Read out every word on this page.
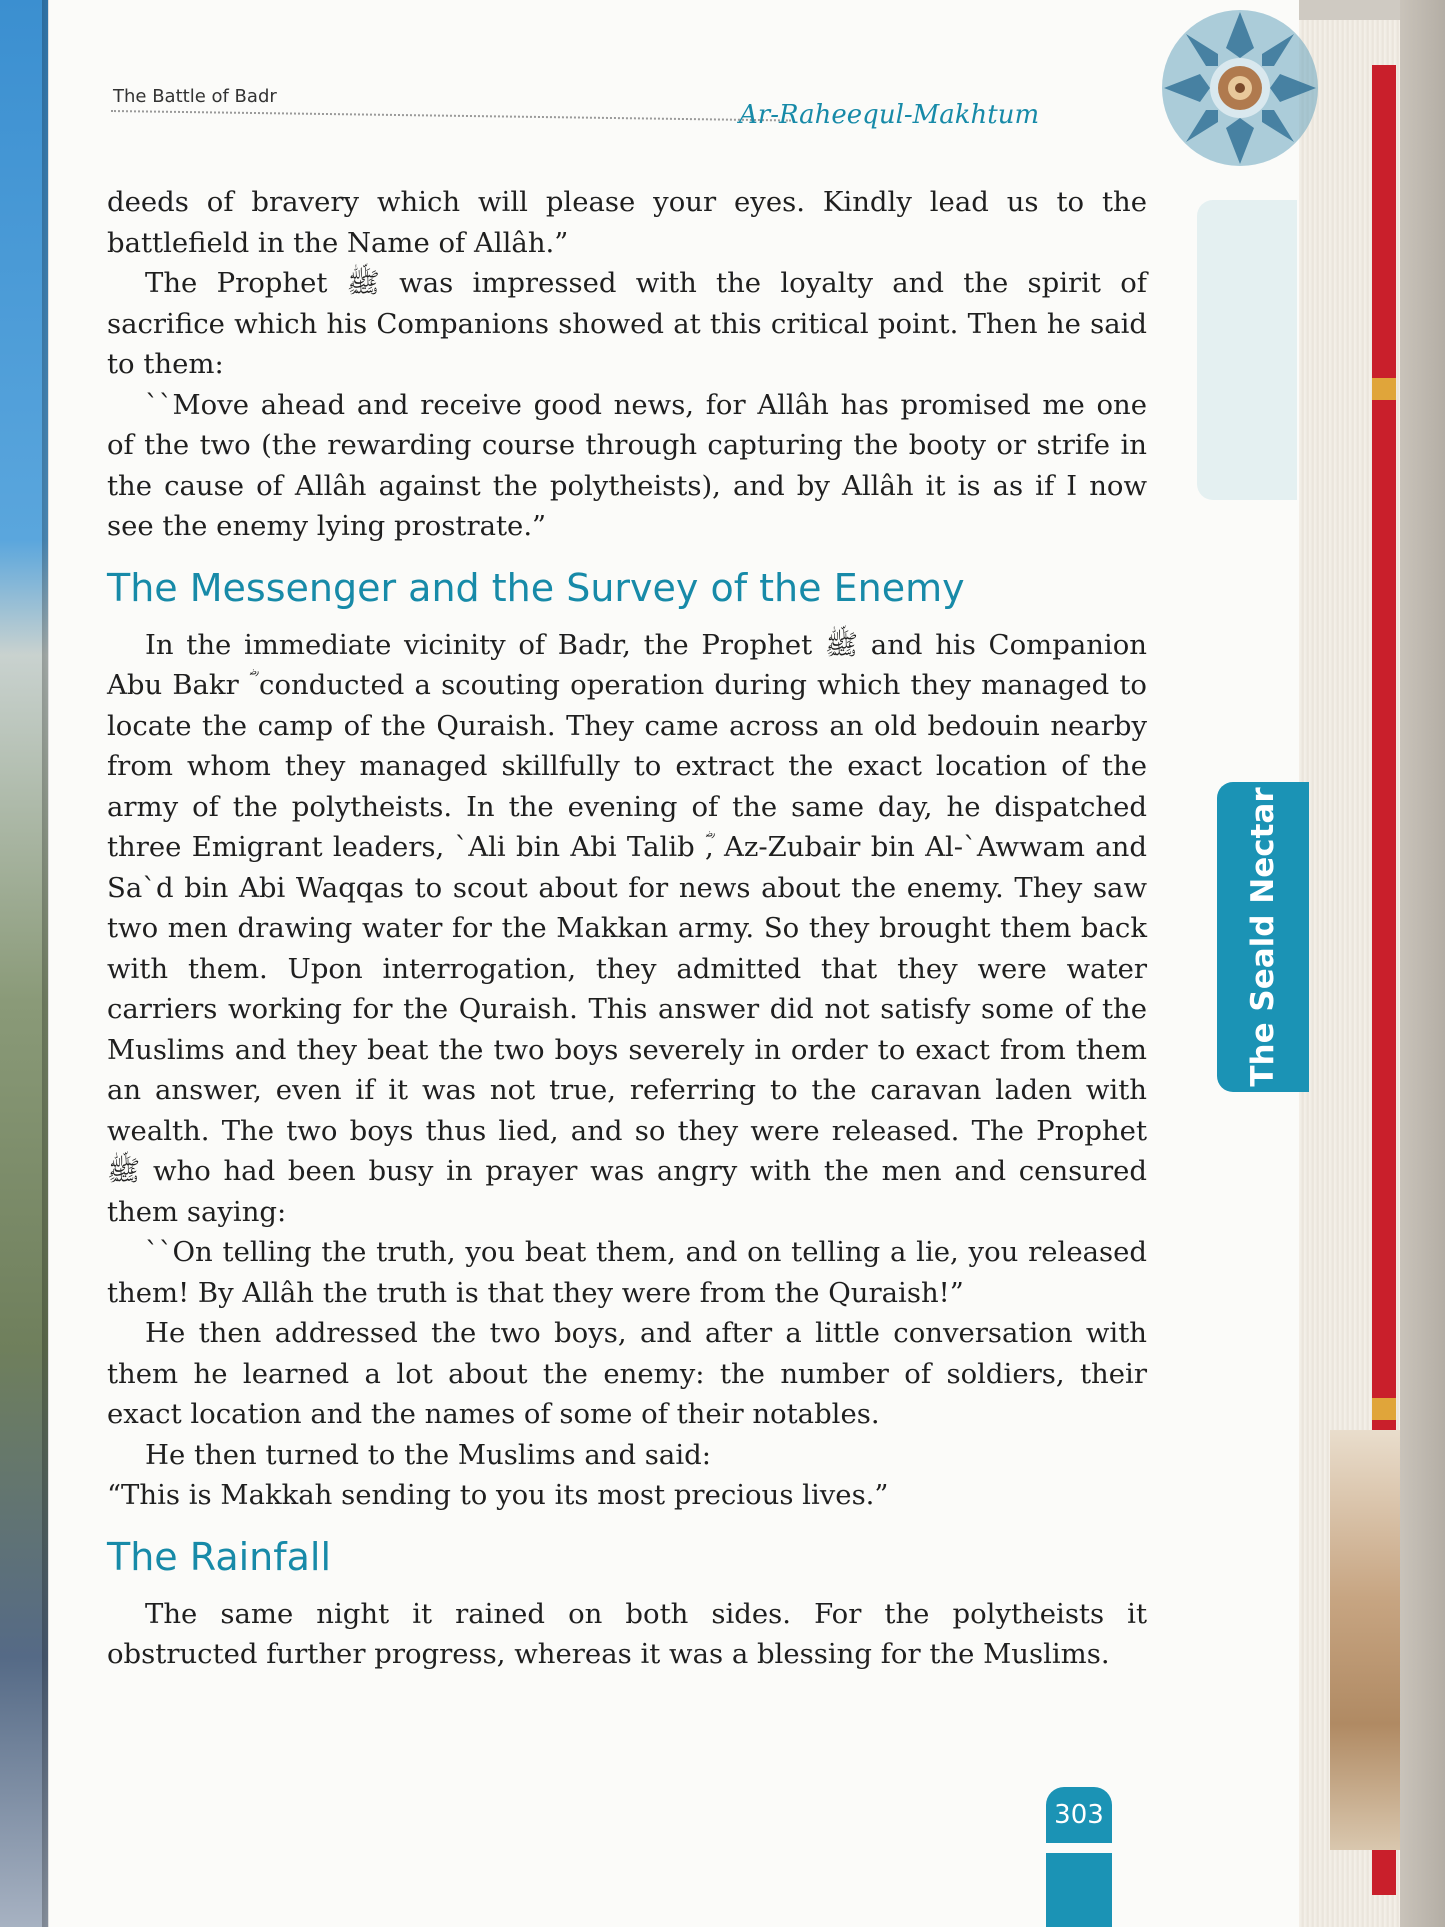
The Battle of Badr
Ar-Raheequl-Makhtum

deeds of bravery which will please your eyes. Kindly lead us to the battlefield in the Name of Allâh.”

The Prophet ﷺ was impressed with the loyalty and the spirit of sacrifice which his Companions showed at this critical point. Then he said to them:

``Move ahead and receive good news, for Allâh has promised me one of the two (the rewarding course through capturing the booty or strife in the cause of Allâh against the polytheists), and by Allâh it is as if I now see the enemy lying prostrate.”

The Messenger and the Survey of the Enemy

In the immediate vicinity of Badr, the Prophet ﷺ and his Companion Abu Bakr ؓ conducted a scouting operation during which they managed to locate the camp of the Quraish. They came across an old bedouin nearby from whom they managed skillfully to extract the exact location of the army of the polytheists. In the evening of the same day, he dispatched three Emigrant leaders, `Ali bin Abi Talib ؓ, Az-Zubair bin Al-`Awwam and Sa`d bin Abi Waqqas to scout about for news about the enemy. They saw two men drawing water for the Makkan army. So they brought them back with them. Upon interrogation, they admitted that they were water carriers working for the Quraish. This answer did not satisfy some of the Muslims and they beat the two boys severely in order to exact from them an answer, even if it was not true, referring to the caravan laden with wealth. The two boys thus lied, and so they were released. The Prophet ﷺ who had been busy in prayer was angry with the men and censured them saying:

``On telling the truth, you beat them, and on telling a lie, you released them! By Allâh the truth is that they were from the Quraish!”

He then addressed the two boys, and after a little conversation with them he learned a lot about the enemy: the number of soldiers, their exact location and the names of some of their notables.

He then turned to the Muslims and said:

“This is Makkah sending to you its most precious lives.”

The Rainfall

The same night it rained on both sides. For the polytheists it obstructed further progress, whereas it was a blessing for the Muslims.

The Seald Nectar
303
